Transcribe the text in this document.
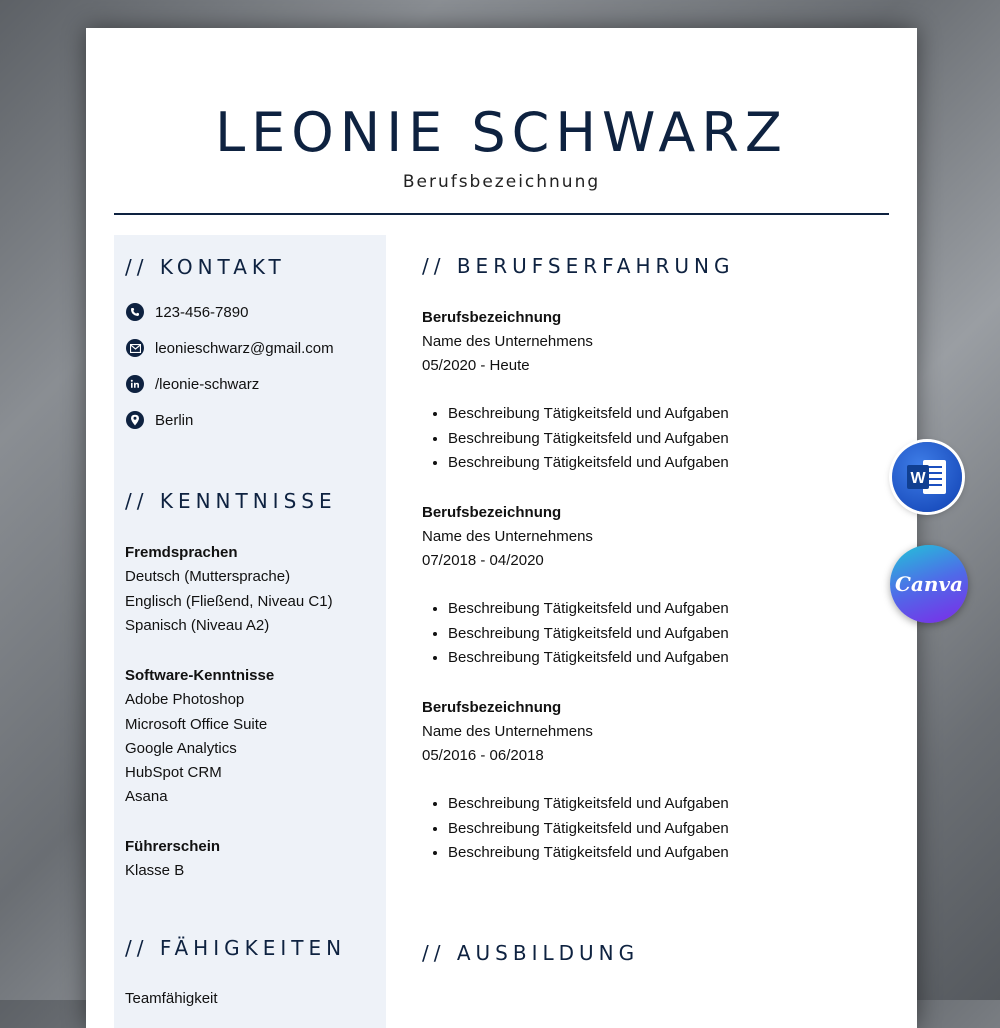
LEONIE SCHWARZ
Berufsbezeichnung
// KONTAKT
123-456-7890
leonieschwarz@gmail.com
/leonie-schwarz
Berlin
// KENNTNISSE
Fremdsprachen
Deutsch (Muttersprache)
Englisch (Fließend, Niveau C1)
Spanisch (Niveau A2)
Software-Kenntnisse
Adobe Photoshop
Microsoft Office Suite
Google Analytics
HubSpot CRM
Asana
Führerschein
Klasse B
// FÄHIGKEITEN
Teamfähigkeit
// BERUFSERFAHRUNG
Berufsbezeichnung
Name des Unternehmens
05/2020 - Heute
• Beschreibung Tätigkeitsfeld und Aufgaben
• Beschreibung Tätigkeitsfeld und Aufgaben
• Beschreibung Tätigkeitsfeld und Aufgaben
Berufsbezeichnung
Name des Unternehmens
07/2018 - 04/2020
• Beschreibung Tätigkeitsfeld und Aufgaben
• Beschreibung Tätigkeitsfeld und Aufgaben
• Beschreibung Tätigkeitsfeld und Aufgaben
Berufsbezeichnung
Name des Unternehmens
05/2016 - 06/2018
• Beschreibung Tätigkeitsfeld und Aufgaben
• Beschreibung Tätigkeitsfeld und Aufgaben
• Beschreibung Tätigkeitsfeld und Aufgaben
// AUSBILDUNG
W
Canva
